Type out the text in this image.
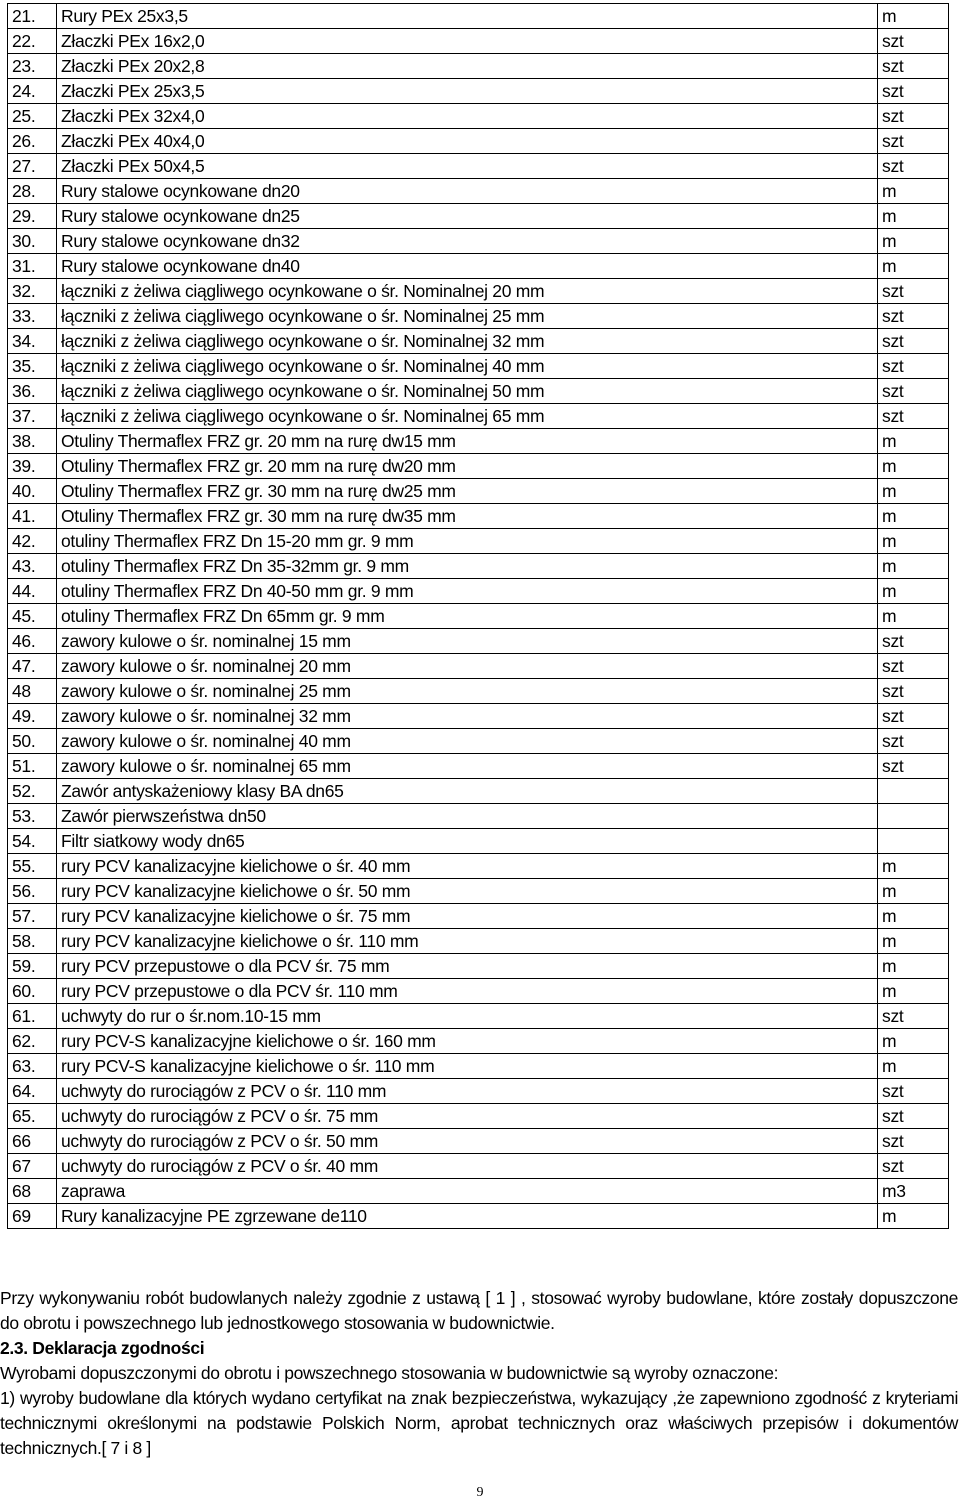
21.	Rury PEx 25x3,5	m
22.	Złaczki PEx 16x2,0	szt
23.	Złaczki PEx 20x2,8	szt
24.	Złaczki PEx 25x3,5	szt
25.	Złaczki PEx 32x4,0	szt
26.	Złaczki PEx 40x4,0	szt
27.	Złaczki PEx 50x4,5	szt
28.	Rury stalowe ocynkowane dn20	m
29.	Rury stalowe ocynkowane dn25	m
30.	Rury stalowe ocynkowane dn32	m
31.	Rury stalowe ocynkowane dn40	m
32.	łączniki z żeliwa ciągliwego ocynkowane o śr. Nominalnej 20 mm	szt
33.	łączniki z żeliwa ciągliwego ocynkowane o śr. Nominalnej 25 mm	szt
34.	łączniki z żeliwa ciągliwego ocynkowane o śr. Nominalnej 32 mm	szt
35.	łączniki z żeliwa ciągliwego ocynkowane o śr. Nominalnej 40 mm	szt
36.	łączniki z żeliwa ciągliwego ocynkowane o śr. Nominalnej 50 mm	szt
37.	łączniki z żeliwa ciągliwego ocynkowane o śr. Nominalnej 65 mm	szt
38.	Otuliny Thermaflex FRZ gr. 20 mm na rurę dw15 mm	m
39.	Otuliny Thermaflex FRZ gr. 20 mm na rurę dw20 mm	m
40.	Otuliny Thermaflex FRZ gr. 30 mm na rurę dw25 mm	m
41.	Otuliny Thermaflex FRZ gr. 30 mm na rurę dw35 mm	m
42.	otuliny Thermaflex FRZ Dn 15-20 mm gr. 9 mm	m
43.	otuliny Thermaflex FRZ Dn 35-32mm gr. 9 mm	m
44.	otuliny Thermaflex FRZ Dn 40-50 mm gr. 9 mm	m
45.	otuliny Thermaflex FRZ Dn 65mm gr. 9 mm	m
46.	zawory kulowe o śr. nominalnej 15 mm	szt
47.	zawory kulowe o śr. nominalnej 20 mm	szt
48	zawory kulowe o śr. nominalnej 25 mm	szt
49.	zawory kulowe o śr. nominalnej 32 mm	szt
50.	zawory kulowe o śr. nominalnej 40 mm	szt
51.	zawory kulowe o śr. nominalnej 65 mm	szt
52.	Zawór antyskażeniowy klasy BA dn65	
53.	Zawór pierwszeństwa dn50	
54.	Filtr siatkowy wody dn65	
55.	rury PCV kanalizacyjne kielichowe o śr. 40 mm	m
56.	rury PCV kanalizacyjne kielichowe o śr. 50 mm	m
57.	rury PCV kanalizacyjne kielichowe o śr. 75 mm	m
58.	rury PCV kanalizacyjne kielichowe o śr. 110 mm	m
59.	rury PCV przepustowe o dla PCV śr. 75 mm	m
60.	rury PCV przepustowe o dla PCV śr. 110 mm	m
61.	uchwyty do rur o śr.nom.10-15 mm	szt
62.	rury PCV-S kanalizacyjne kielichowe o śr. 160 mm	m
63.	rury PCV-S kanalizacyjne kielichowe o śr. 110 mm	m
64.	uchwyty do rurociągów z PCV o śr. 110 mm	szt
65.	uchwyty do rurociągów z PCV o śr. 75 mm	szt
66	uchwyty do rurociągów z PCV o śr. 50 mm	szt
67	uchwyty do rurociągów z PCV o śr. 40 mm	szt
68	zaprawa	m3
69	Rury kanalizacyjne PE zgrzewane de110	m
Przy wykonywaniu robót budowlanych należy zgodnie z ustawą [ 1 ] , stosować wyroby budowlane, które zostały dopuszczone do obrotu i powszechnego lub jednostkowego stosowania w budownictwie.
2.3. Deklaracja zgodności
Wyrobami dopuszczonymi do obrotu i powszechnego stosowania w budownictwie są wyroby oznaczone:
1) wyroby budowlane dla których wydano certyfikat na znak bezpieczeństwa, wykazujący ,że zapewniono zgodność z kryteriami technicznymi określonymi na podstawie Polskich Norm, aprobat technicznych oraz właściwych przepisów i dokumentów technicznych.[ 7 i 8 ]
9
